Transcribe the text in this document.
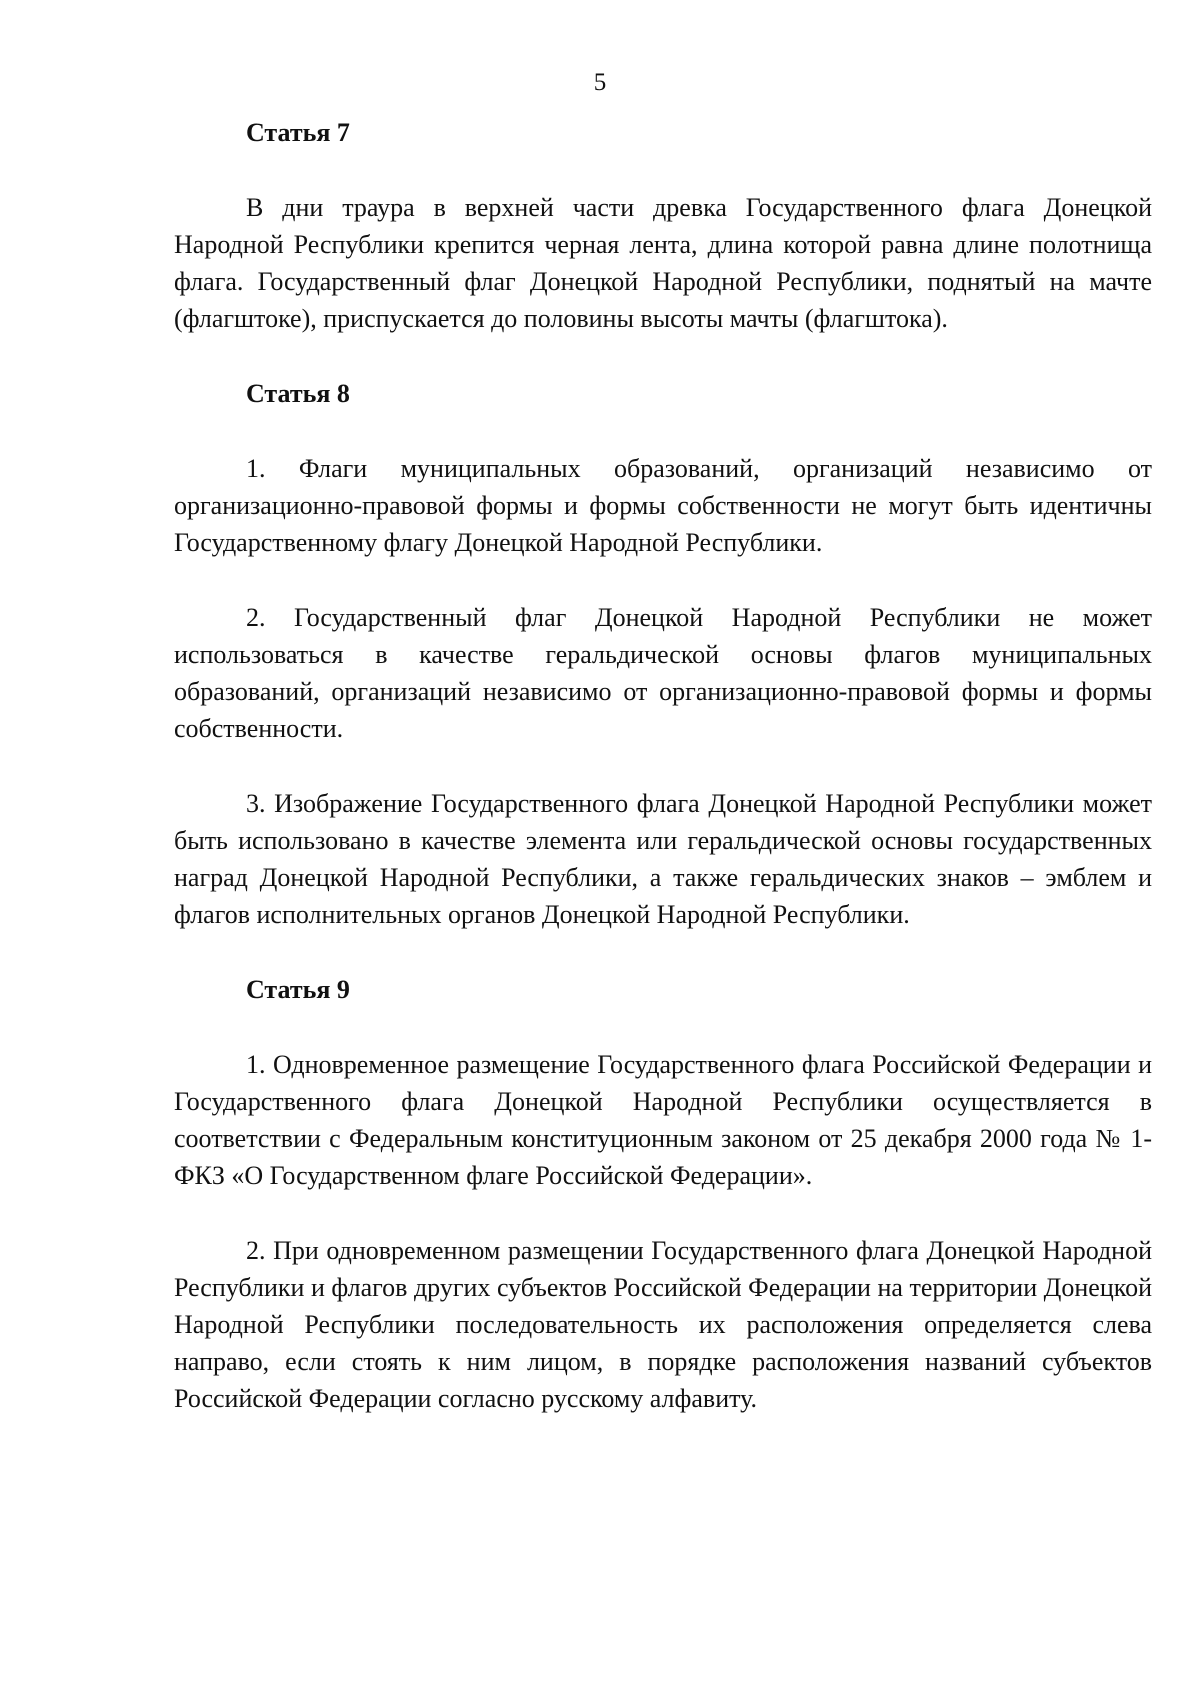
5

Статья 7

В дни траура в верхней части древка Государственного флага Донецкой Народной Республики крепится черная лента, длина которой равна длине полотнища флага. Государственный флаг Донецкой Народной Республики, поднятый на мачте (флагштоке), приспускается до половины высоты мачты (флагштока).

Статья 8

1. Флаги муниципальных образований, организаций независимо от организационно-правовой формы и формы собственности не могут быть идентичны Государственному флагу Донецкой Народной Республики.

2. Государственный флаг Донецкой Народной Республики не может использоваться в качестве геральдической основы флагов муниципальных образований, организаций независимо от организационно-правовой формы и формы собственности.

3. Изображение Государственного флага Донецкой Народной Республики может быть использовано в качестве элемента или геральдической основы государственных наград Донецкой Народной Республики, а также геральдических знаков – эмблем и флагов исполнительных органов Донецкой Народной Республики.

Статья 9

1. Одновременное размещение Государственного флага Российской Федерации и Государственного флага Донецкой Народной Республики осуществляется в соответствии с Федеральным конституционным законом от 25 декабря 2000 года № 1-ФКЗ «О Государственном флаге Российской Федерации».

2. При одновременном размещении Государственного флага Донецкой Народной Республики и флагов других субъектов Российской Федерации на территории Донецкой Народной Республики последовательность их расположения определяется слева направо, если стоять к ним лицом, в порядке расположения названий субъектов Российской Федерации согласно русскому алфавиту.
